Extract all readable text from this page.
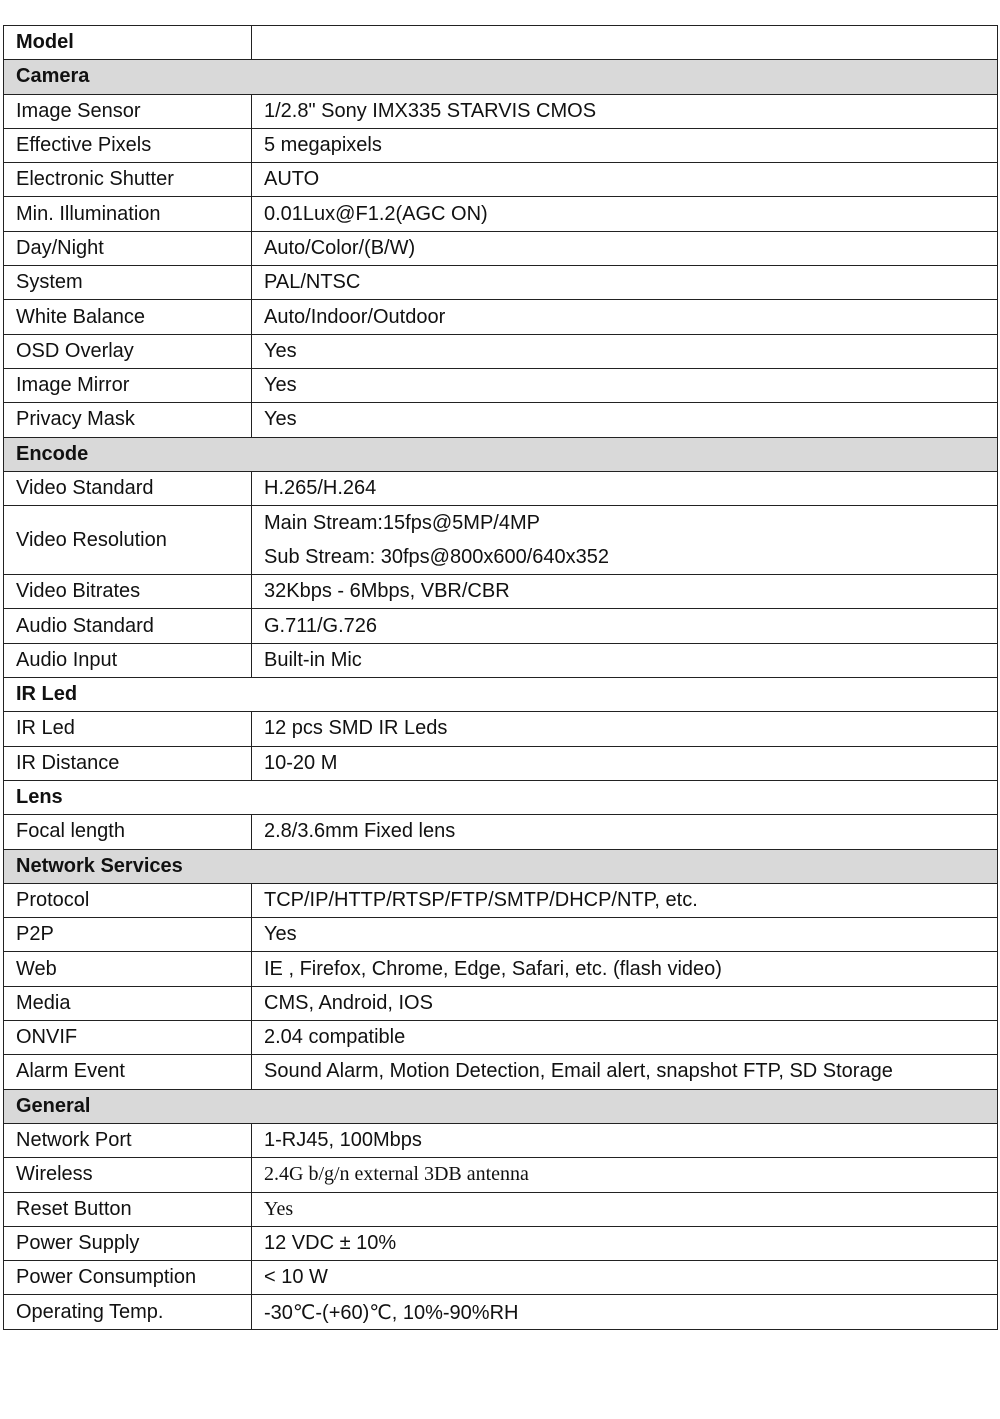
Model	
Camera	
Image Sensor	1/2.8" Sony IMX335 STARVIS CMOS
Effective Pixels	5 megapixels
Electronic Shutter	AUTO
Min. Illumination	0.01Lux@F1.2(AGC ON)
Day/Night	Auto/Color/(B/W)
System	PAL/NTSC
White Balance	Auto/Indoor/Outdoor
OSD Overlay	Yes
Image Mirror	Yes
Privacy Mask	Yes
Encode	
Video Standard	H.265/H.264
Video Resolution	Main Stream:15fps@5MP/4MP
Sub Stream: 30fps@800x600/640x352

Video Bitrates	32Kbps - 6Mbps, VBR/CBR
Audio Standard	G.711/G.726
Audio Input	Built-in Mic
IR Led	
IR Led	12 pcs SMD IR Leds
IR Distance	10-20 M
Lens	
Focal length	2.8/3.6mm Fixed lens
Network Services	
Protocol	TCP/IP/HTTP/RTSP/FTP/SMTP/DHCP/NTP, etc.
P2P	Yes
Web	IE , Firefox, Chrome, Edge, Safari, etc. (flash video)
Media	CMS, Android, IOS
ONVIF	2.04 compatible
Alarm Event	Sound Alarm, Motion Detection, Email alert, snapshot FTP, SD Storage
General	
Network Port	1-RJ45, 100Mbps
Wireless	2.4G b/g/n external 3DB antenna
Reset Button	Yes
Power Supply	12 VDC ± 10%
Power Consumption	< 10 W
Operating Temp.	-30℃-(+60)℃, 10%-90%RH
